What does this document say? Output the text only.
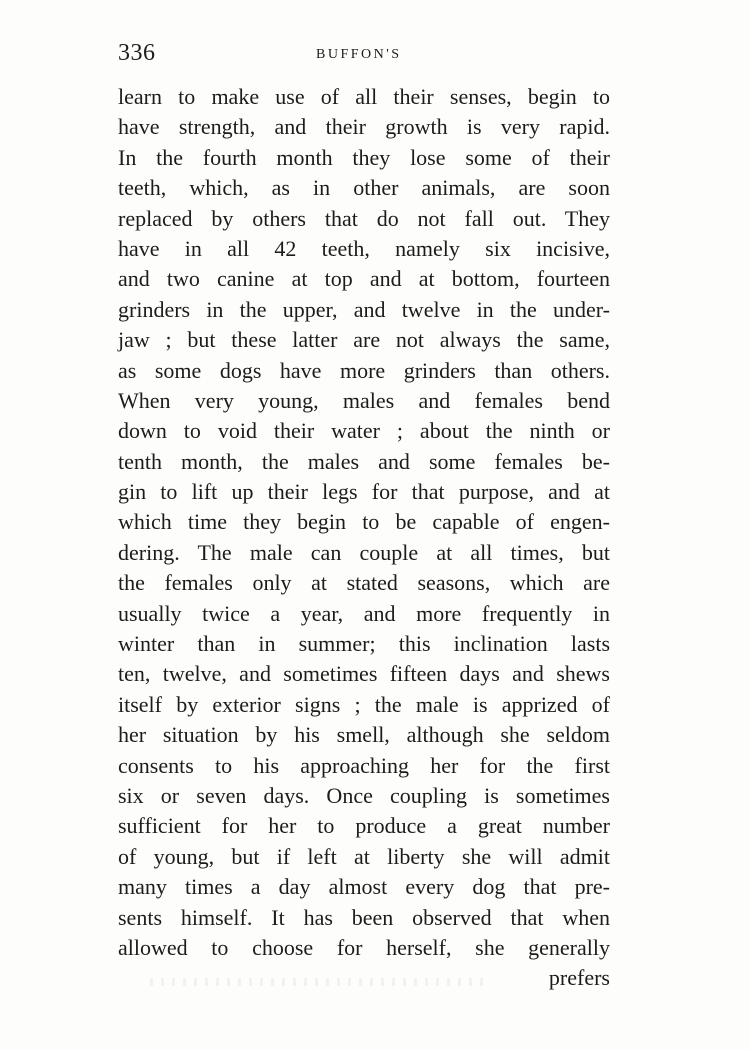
336	BUFFON'S
learn to make use of all their senses, begin to
have strength, and their growth is very rapid.
In the fourth month they lose some of their
teeth, which, as in other animals, are soon
replaced by others that do not fall out. They
have in all 42 teeth, namely six incisive,
and two canine at top and at bottom, fourteen
grinders in the upper, and twelve in the under-
jaw ; but these latter are not always the same,
as some dogs have more grinders than others.
When very young, males and females bend
down to void their water ; about the ninth or
tenth month, the males and some females be-
gin to lift up their legs for that purpose, and at
which time they begin to be capable of engen-
dering. The male can couple at all times, but
the females only at stated seasons, which are
usually twice a year, and more frequently in
winter than in summer; this inclination lasts
ten, twelve, and sometimes fifteen days and shews
itself by exterior signs ; the male is apprized of
her situation by his smell, although she seldom
consents to his approaching her for the first
six or seven days. Once coupling is sometimes
sufficient for her to produce a great number
of young, but if left at liberty she will admit
many times a day almost every dog that pre-
sents himself. It has been observed that when
allowed to choose for herself, she generally
prefers
